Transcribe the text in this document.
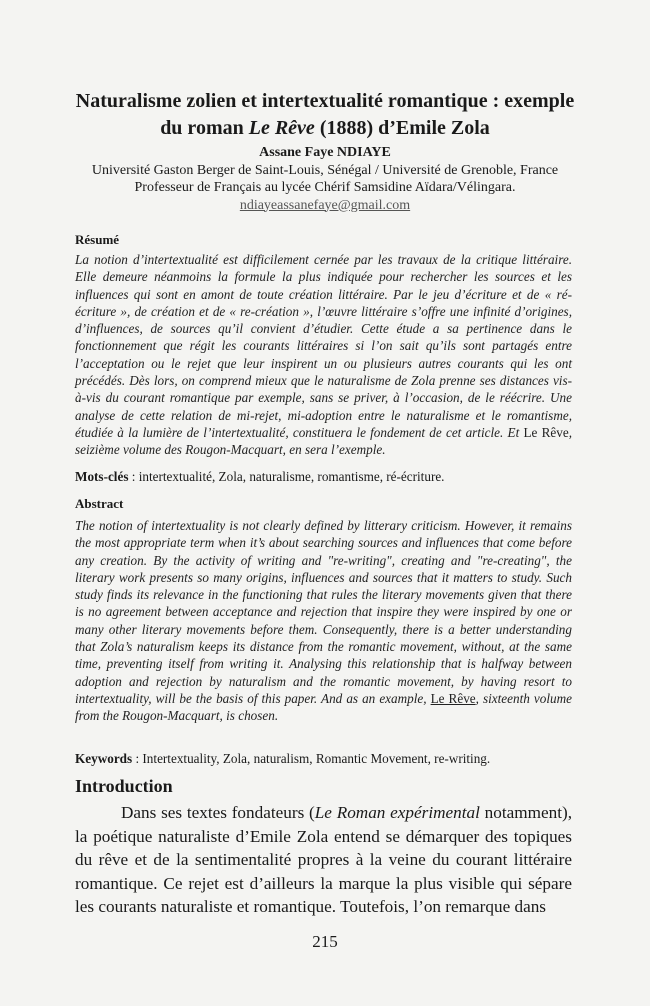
Naturalisme zolien et intertextualité romantique : exemple
du roman Le Rêve (1888) d’Emile Zola
Assane Faye NDIAYE
Université Gaston Berger de Saint-Louis, Sénégal / Université de Grenoble, France
Professeur de Français au lycée Chérif Samsidine Aïdara/Vélingara.
ndiayeassanefaye@gmail.com

Résumé

La notion d’intertextualité est difficilement cernée par les travaux de la critique littéraire. Elle demeure néanmoins la formule la plus indiquée pour rechercher les sources et les influences qui sont en amont de toute création littéraire. Par le jeu d’écriture et de « ré-écriture », de création et de « re-création », l’œuvre littéraire s’offre une infinité d’origines, d’influences, de sources qu’il convient d’étudier. Cette étude a sa pertinence dans le fonctionnement que régit les courants littéraires si l’on sait qu’ils sont partagés entre l’acceptation ou le rejet que leur inspirent un ou plusieurs autres courants qui les ont précédés. Dès lors, on comprend mieux que le naturalisme de Zola prenne ses distances vis-à-vis du courant romantique par exemple, sans se priver, à l’occasion, de le réécrire. Une analyse de cette relation de mi-rejet, mi-adoption entre le naturalisme et le romantisme, étudiée à la lumière de l’intertextualité, constituera le fondement de cet article. Et Le Rêve, seizième volume des Rougon-Macquart, en sera l’exemple.

Mots-clés : intertextualité, Zola, naturalisme, romantisme, ré-écriture.

Abstract

The notion of intertextuality is not clearly defined by litterary criticism. However, it remains the most appropriate term when it’s about searching sources and influences that come before any creation. By the activity of writing and "re-writing", creating and "re-creating", the literary work presents so many origins, influences and sources that it matters to study. Such study finds its relevance in the functioning that rules the literary movements given that there is no agreement between acceptance and rejection that inspire they were inspired by one or many other literary movements before them. Consequently, there is a better understanding that Zola’s naturalism keeps its distance from the romantic movement, without, at the same time, preventing itself from writing it. Analysing this relationship that is halfway between adoption and rejection by naturalism and the romantic movement, by having resort to intertextuality, will be the basis of this paper. And as an example, Le Rêve, sixteenth volume from the Rougon-Macquart, is chosen.

Keywords : Intertextuality, Zola, naturalism, Romantic Movement, re-writing.

Introduction

Dans ses textes fondateurs (Le Roman expérimental notamment), la poétique naturaliste d’Emile Zola entend se démarquer des topiques du rêve et de la sentimentalité propres à la veine du courant littéraire romantique. Ce rejet est d’ailleurs la marque la plus visible qui sépare les courants naturaliste et romantique. Toutefois, l’on remarque dans

215
